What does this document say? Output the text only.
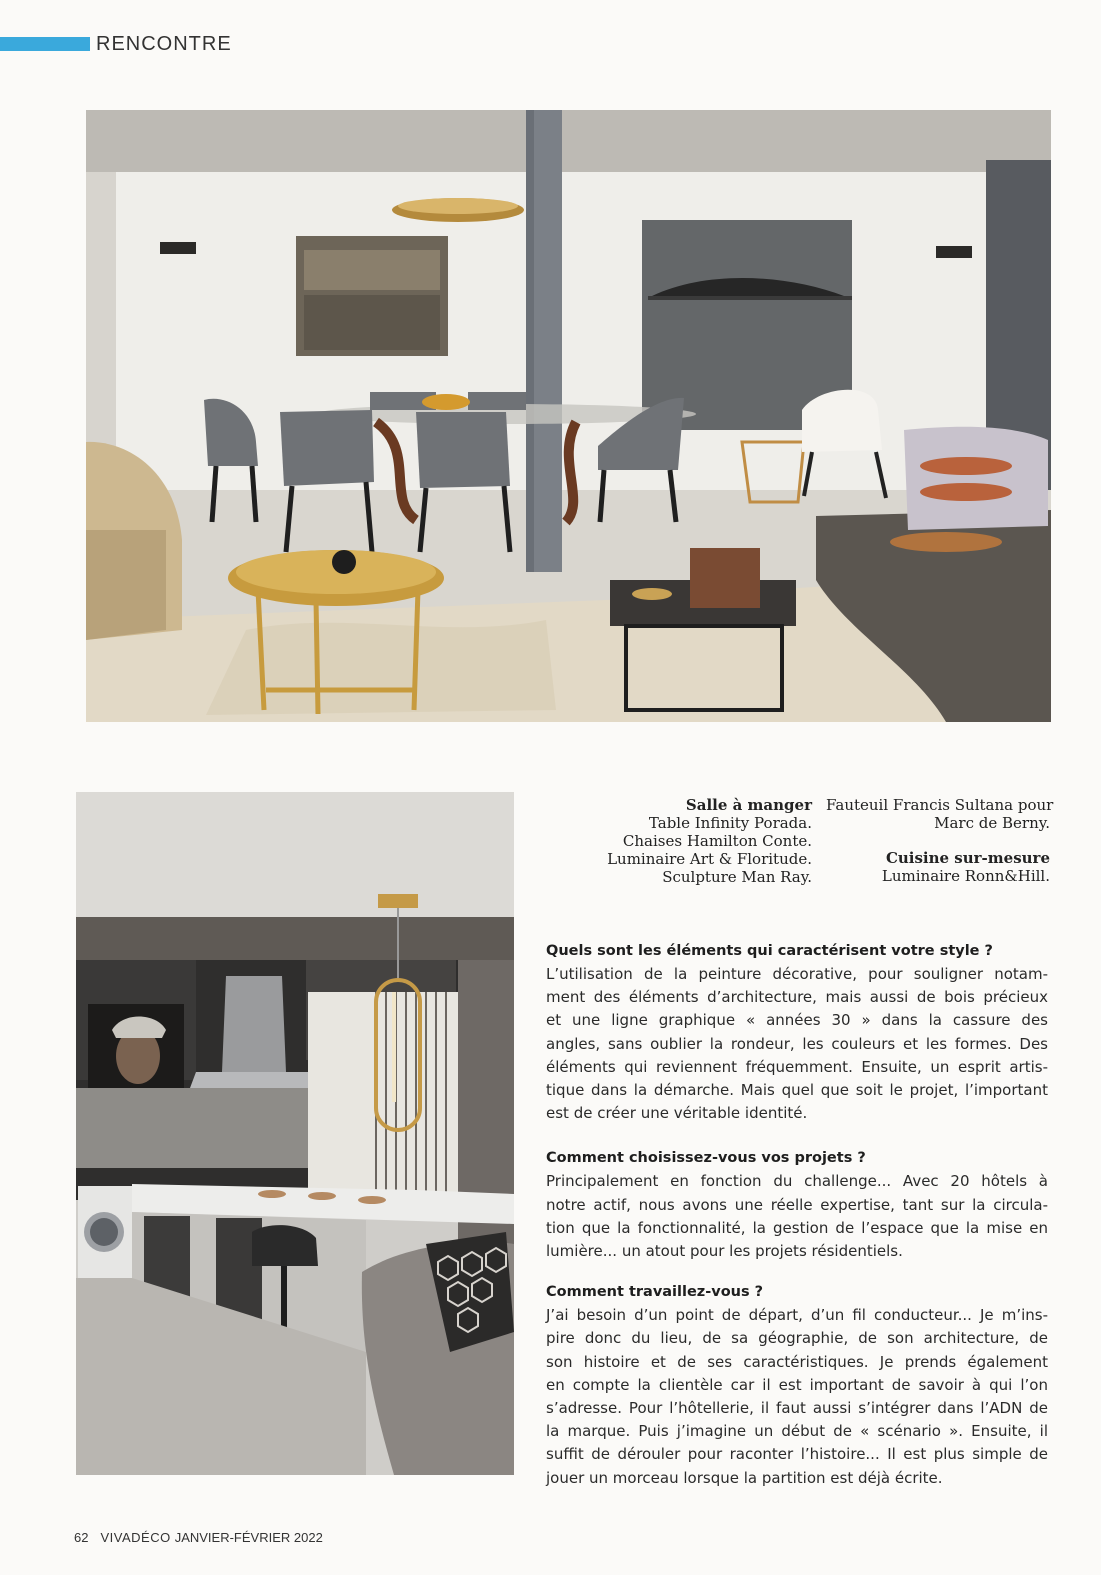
RENCONTRE
Salle à manger
Table Infinity Porada.
Chaises Hamilton Conte.
Luminaire Art & Floritude.
Sculpture Man Ray.
Fauteuil Francis Sultana pour
Marc de Berny.
Cuisine sur-mesure
Luminaire Ronn&Hill.
Quels sont les éléments qui caractérisent votre style ?
L’utilisation de la peinture décorative, pour souligner notam-
ment des éléments d’architecture, mais aussi de bois précieux
et une ligne graphique « années 30 » dans la cassure des
angles, sans oublier la rondeur, les couleurs et les formes. Des
éléments qui reviennent fréquemment. Ensuite, un esprit artis-
tique dans la démarche. Mais quel que soit le projet, l’important
est de créer une véritable identité.
Comment choisissez-vous vos projets ?
Principalement en fonction du challenge... Avec 20 hôtels à
notre actif, nous avons une réelle expertise, tant sur la circula-
tion que la fonctionnalité, la gestion de l’espace que la mise en
lumière... un atout pour les projets résidentiels.
Comment travaillez-vous ?
J’ai besoin d’un point de départ, d’un fil conducteur... Je m’ins-
pire donc du lieu, de sa géographie, de son architecture, de
son histoire et de ses caractéristiques. Je prends également
en compte la clientèle car il est important de savoir à qui l’on
s’adresse. Pour l’hôtellerie, il faut aussi s’intégrer dans l’ADN de
la marque. Puis j’imagine un début de « scénario ». Ensuite, il
suffit de dérouler pour raconter l’histoire... Il est plus simple de
jouer un morceau lorsque la partition est déjà écrite.
62 VIVADÉCO JANVIER-FÉVRIER 2022
